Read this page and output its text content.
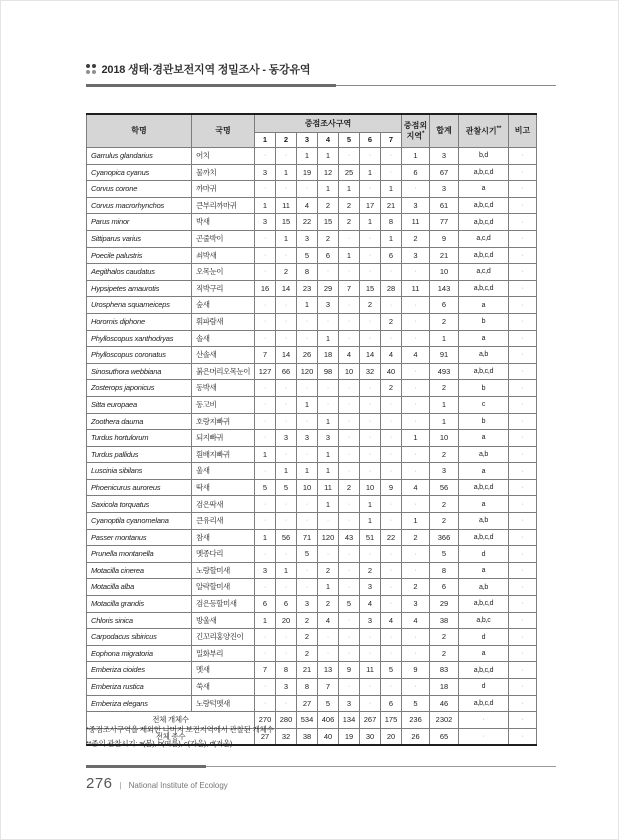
2018 생태·경관보전지역 정밀조사 - 동강유역
학명	국명	중점조사구역							중점외
지역*	합계	관찰시기**	비고
		1	2	3	4	5	6	7				
Garrulus glandarius	어치	·	·	1	1	·	·	·	1	3	b,d	·
Cyanopica cyanus	물까치	3	1	19	12	25	1	·	6	67	a,b,c,d	·
Corvus corone	까마귀	·	·	·	1	1	·	1	·	3	a	·
Corvus macrorhynchos	큰부리까마귀	1	11	4	2	2	17	21	3	61	a,b,c,d	·
Parus minor	박새	3	15	22	15	2	1	8	11	77	a,b,c,d	·
Sittiparus varius	곤줄박이	·	1	3	2	·	·	1	2	9	a,c,d	·
Poecile palustris	쇠박새	·	·	5	6	1	·	6	3	21	a,b,c,d	·
Aegithalos caudatus	오목눈이	·	2	8	·	·	·	·	·	10	a,c,d	·
Hypsipetes amaurotis	직박구리	16	14	23	29	7	15	28	11	143	a,b,c,d	·
Urosphena squameiceps	숲새	·	·	1	3	·	2	·	·	6	a	·
Horornis diphone	휘파람새	·	·	·	·	·	·	2	·	2	b	·
Phylloscopus xanthodryas	솔새	·	·	·	1	·	·	·	·	1	a	·
Phylloscopus coronatus	산솔새	7	14	26	18	4	14	4	4	91	a,b	·
Sinosuthora webbiana	붉은머리오목눈이	127	66	120	98	10	32	40	·	493	a,b,c,d	·
Zosterops japonicus	동박새	·	·	·	·	·	·	2	·	2	b	·
Sitta europaea	동고비	·	·	1	·	·	·	·	·	1	c	·
Zoothera dauma	호랑지빠귀	·	·	·	1	·	·	·	·	1	b	·
Turdus hortulorum	되지빠귀	·	3	3	3	·	·	·	1	10	a	·
Turdus pallidus	흰배지빠귀	1	·	·	1	·	·	·	·	2	a,b	·
Luscinia sibilans	울새	·	1	1	1	·	·	·	·	3	a	·
Phoenicurus auroreus	딱새	5	5	10	11	2	10	9	4	56	a,b,c,d	·
Saxicola torquatus	검은딱새	·	·	·	1	·	1	·	·	2	a	·
Cyanoptila cyanomelana	큰유리새	·	·	·	·	·	1	·	1	2	a,b	·
Passer montanus	참새	1	56	71	120	43	51	22	2	366	a,b,c,d	·
Prunella montanella	멧종다리	·	·	5	·	·	·	·	·	5	d	·
Motacilla cinerea	노랑할미새	3	1	·	2	·	2	·	·	8	a	·
Motacilla alba	알락할미새	·	·	·	1	·	3	·	2	6	a,b	·
Motacilla grandis	검은등할미새	6	6	3	2	5	4	·	3	29	a,b,c,d	·
Chloris sinica	방울새	1	20	2	4	·	3	4	4	38	a,b,c	·
Carpodacus sibiricus	긴꼬리홍양진이	·	·	2	·	·	·	·	·	2	d	·
Eophona migratoria	밀화부리	·	·	2	·	·	·	·	·	2	a	·
Emberiza cioides	멧새	7	8	21	13	9	11	5	9	83	a,b,c,d	·
Emberiza rustica	쑥새	·	3	8	7	·	·	·	·	18	d	·
Emberiza elegans	노랑턱멧새	·	·	27	5	3	·	6	5	46	a,b,c,d	·
전체 개체수		270	280	534	406	134	267	175	236	2302	·	·
전체 종수		27	32	38	40	19	30	20	26	65	·	·
*중점조사구역을 제외한 나머지 보전지역에서 관찰된 개체수
**종의 관찰시기: a(봄), b(여름), c(가을), d(겨울)
276 | National Institute of Ecology
